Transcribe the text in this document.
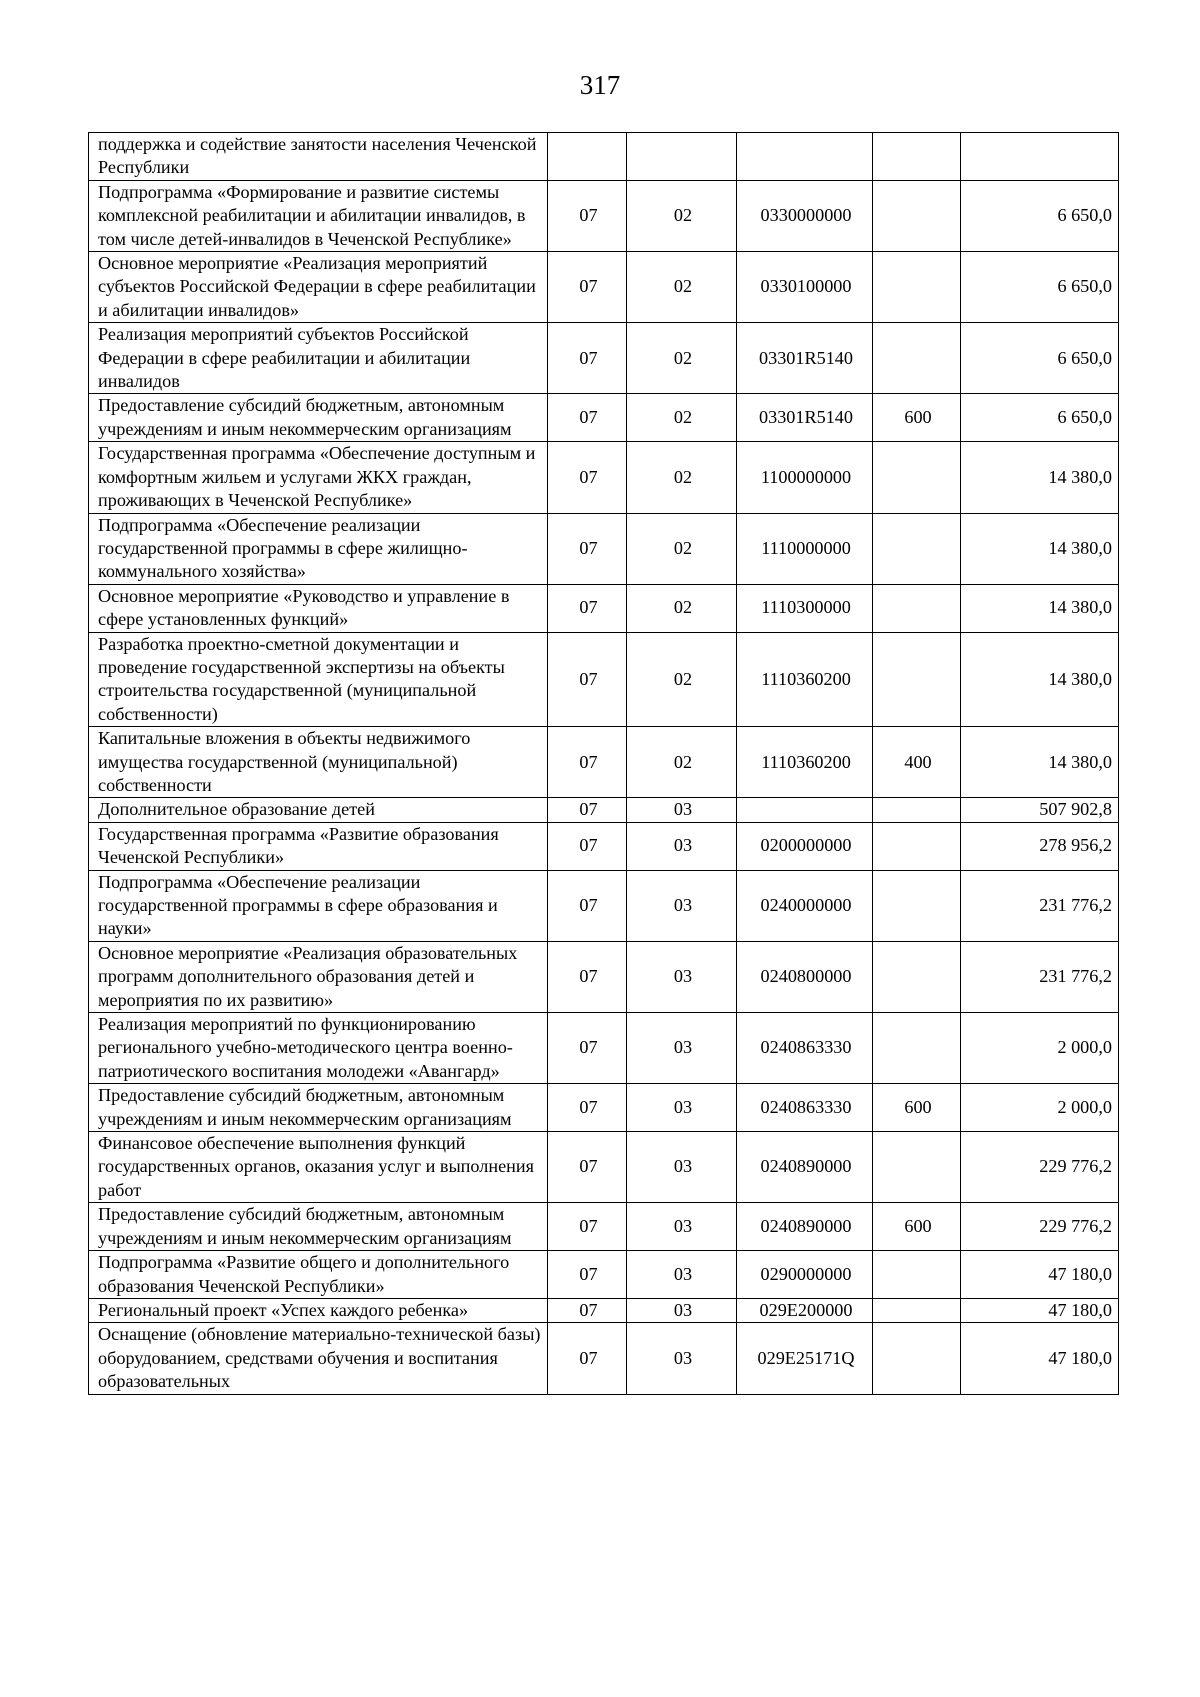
317
поддержка и содействие занятости населения Чеченской Республики					
Подпрограмма «Формирование и развитие системы комплексной реабилитации и абилитации инвалидов, в том числе детей-инвалидов в Чеченской Республике»	07	02	0330000000		6 650,0
Основное мероприятие «Реализация мероприятий субъектов Российской Федерации в сфере реабилитации и абилитации инвалидов»	07	02	0330100000		6 650,0
Реализация мероприятий субъектов Российской Федерации в сфере реабилитации и абилитации инвалидов	07	02	03301R5140		6 650,0
Предоставление субсидий бюджетным, автономным учреждениям и иным некоммерческим организациям	07	02	03301R5140	600	6 650,0
Государственная программа «Обеспечение доступным и комфортным жильем и услугами ЖКХ граждан, проживающих в Чеченской Республике»	07	02	1100000000		14 380,0
Подпрограмма «Обеспечение реализации государственной программы в сфере жилищно-коммунального хозяйства»	07	02	1110000000		14 380,0
Основное мероприятие «Руководство и управление в сфере установленных функций»	07	02	1110300000		14 380,0
Разработка проектно-сметной документации и проведение государственной экспертизы на объекты строительства государственной (муниципальной собственности)	07	02	1110360200		14 380,0
Капитальные вложения в объекты недвижимого имущества государственной (муниципальной) собственности	07	02	1110360200	400	14 380,0
Дополнительное образование детей	07	03			507 902,8
Государственная программа «Развитие образования Чеченской Республики»	07	03	0200000000		278 956,2
Подпрограмма «Обеспечение реализации государственной программы в сфере образования и науки»	07	03	0240000000		231 776,2
Основное мероприятие «Реализация образовательных программ дополнительного образования детей и мероприятия по их развитию»	07	03	0240800000		231 776,2
Реализация мероприятий по функционированию регионального учебно-методического центра военно-патриотического воспитания молодежи «Авангард»	07	03	0240863330		2 000,0
Предоставление субсидий бюджетным, автономным учреждениям и иным некоммерческим организациям	07	03	0240863330	600	2 000,0
Финансовое обеспечение выполнения функций государственных органов, оказания услуг и выполнения работ	07	03	0240890000		229 776,2
Предоставление субсидий бюджетным, автономным учреждениям и иным некоммерческим организациям	07	03	0240890000	600	229 776,2
Подпрограмма «Развитие общего и дополнительного образования Чеченской Республики»	07	03	0290000000		47 180,0
Региональный проект «Успех каждого ребенка»	07	03	029E200000		47 180,0
Оснащение (обновление материально-технической базы) оборудованием, средствами обучения и воспитания образовательных	07	03	029E25171Q		47 180,0
